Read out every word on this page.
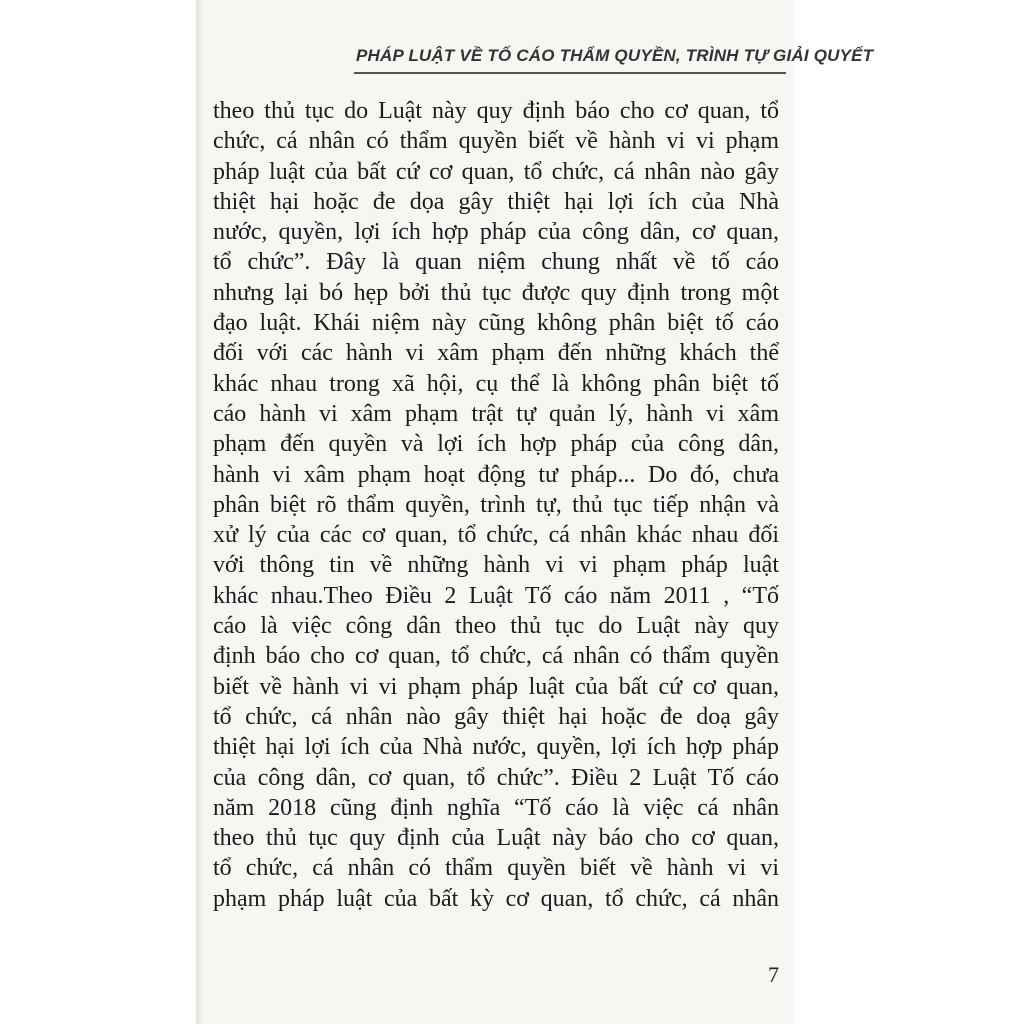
PHÁP LUẬT VỀ TỐ CÁO THẨM QUYỀN, TRÌNH TỰ GIẢI QUYẾT
theo thủ tục do Luật này quy định báo cho cơ quan, tổ
chức, cá nhân có thẩm quyền biết về hành vi vi phạm
pháp luật của bất cứ cơ quan, tổ chức, cá nhân nào gây
thiệt hại hoặc đe dọa gây thiệt hại lợi ích của Nhà
nước, quyền, lợi ích hợp pháp của công dân, cơ quan,
tổ chức”. Đây là quan niệm chung nhất về tố cáo
nhưng lại bó hẹp bởi thủ tục được quy định trong một
đạo luật. Khái niệm này cũng không phân biệt tố cáo
đối với các hành vi xâm phạm đến những khách thể
khác nhau trong xã hội, cụ thể là không phân biệt tố
cáo hành vi xâm phạm trật tự quản lý, hành vi xâm
phạm đến quyền và lợi ích hợp pháp của công dân,
hành vi xâm phạm hoạt động tư pháp... Do đó, chưa
phân biệt rõ thẩm quyền, trình tự, thủ tục tiếp nhận và
xử lý của các cơ quan, tổ chức, cá nhân khác nhau đối
với thông tin về những hành vi vi phạm pháp luật
khác nhau.Theo Điều 2 Luật Tố cáo năm 2011 , “Tố
cáo là việc công dân theo thủ tục do Luật này quy
định báo cho cơ quan, tổ chức, cá nhân có thẩm quyền
biết về hành vi vi phạm pháp luật của bất cứ cơ quan,
tổ chức, cá nhân nào gây thiệt hại hoặc đe doạ gây
thiệt hại lợi ích của Nhà nước, quyền, lợi ích hợp pháp
của công dân, cơ quan, tổ chức”. Điều 2 Luật Tố cáo
năm 2018 cũng định nghĩa “Tố cáo là việc cá nhân
theo thủ tục quy định của Luật này báo cho cơ quan,
tổ chức, cá nhân có thẩm quyền biết về hành vi vi
phạm pháp luật của bất kỳ cơ quan, tổ chức, cá nhân
7
